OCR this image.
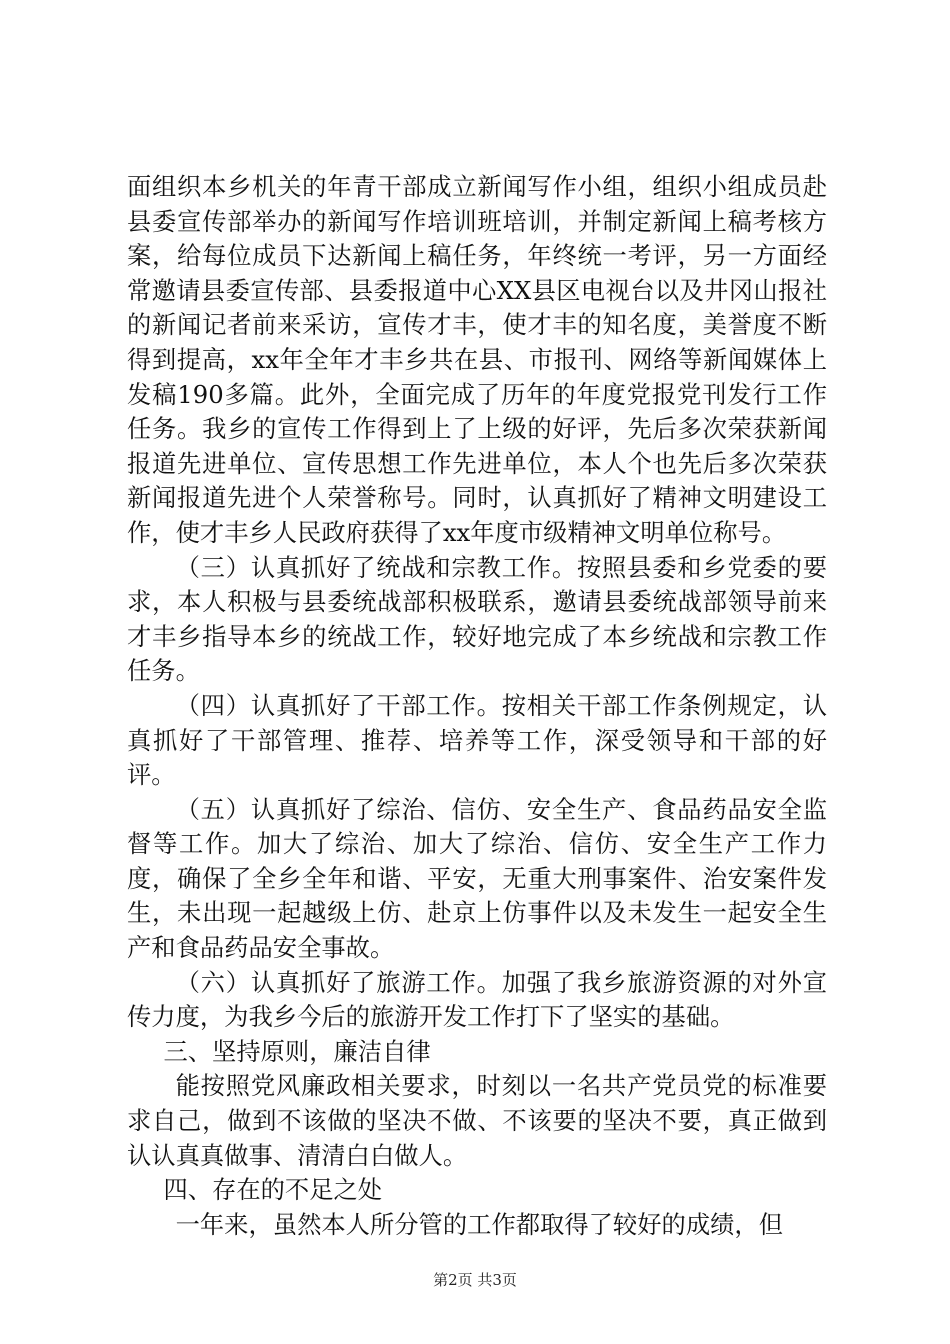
面组织本乡机关的年青干部成立新闻写作小组，组织小组成员赴县委宣传部举办的新闻写作培训班培训，并制定新闻上稿考核方案，给每位成员下达新闻上稿任务，年终统一考评，另一方面经常邀请县委宣传部、县委报道中心XX县区电视台以及井冈山报社的新闻记者前来采访，宣传才丰，使才丰的知名度，美誉度不断得到提高，xx年全年才丰乡共在县、市报刊、网络等新闻媒体上发稿190多篇。此外，全面完成了历年的年度党报党刊发行工作任务。我乡的宣传工作得到上了上级的好评，先后多次荣获新闻报道先进单位、宣传思想工作先进单位，本人个也先后多次荣获新闻报道先进个人荣誉称号。同时，认真抓好了精神文明建设工作，使才丰乡人民政府获得了xx年度市级精神文明单位称号。

（三）认真抓好了统战和宗教工作。按照县委和乡党委的要求，本人积极与县委统战部积极联系，邀请县委统战部领导前来才丰乡指导本乡的统战工作，较好地完成了本乡统战和宗教工作任务。

（四）认真抓好了干部工作。按相关干部工作条例规定，认真抓好了干部管理、推荐、培养等工作，深受领导和干部的好评。

（五）认真抓好了综治、信仿、安全生产、食品药品安全监督等工作。加大了综治、加大了综治、信仿、安全生产工作力度，确保了全乡全年和谐、平安，无重大刑事案件、治安案件发生，未出现一起越级上仿、赴京上仿事件以及未发生一起安全生产和食品药品安全事故。

（六）认真抓好了旅游工作。加强了我乡旅游资源的对外宣传力度，为我乡今后的旅游开发工作打下了坚实的基础。

三、坚持原则，廉洁自律

能按照党风廉政相关要求，时刻以一名共产党员党的标准要求自己，做到不该做的坚决不做、不该要的坚决不要，真正做到认认真真做事、清清白白做人。

四、存在的不足之处

一年来，虽然本人所分管的工作都取得了较好的成绩，但

第2页 共3页
